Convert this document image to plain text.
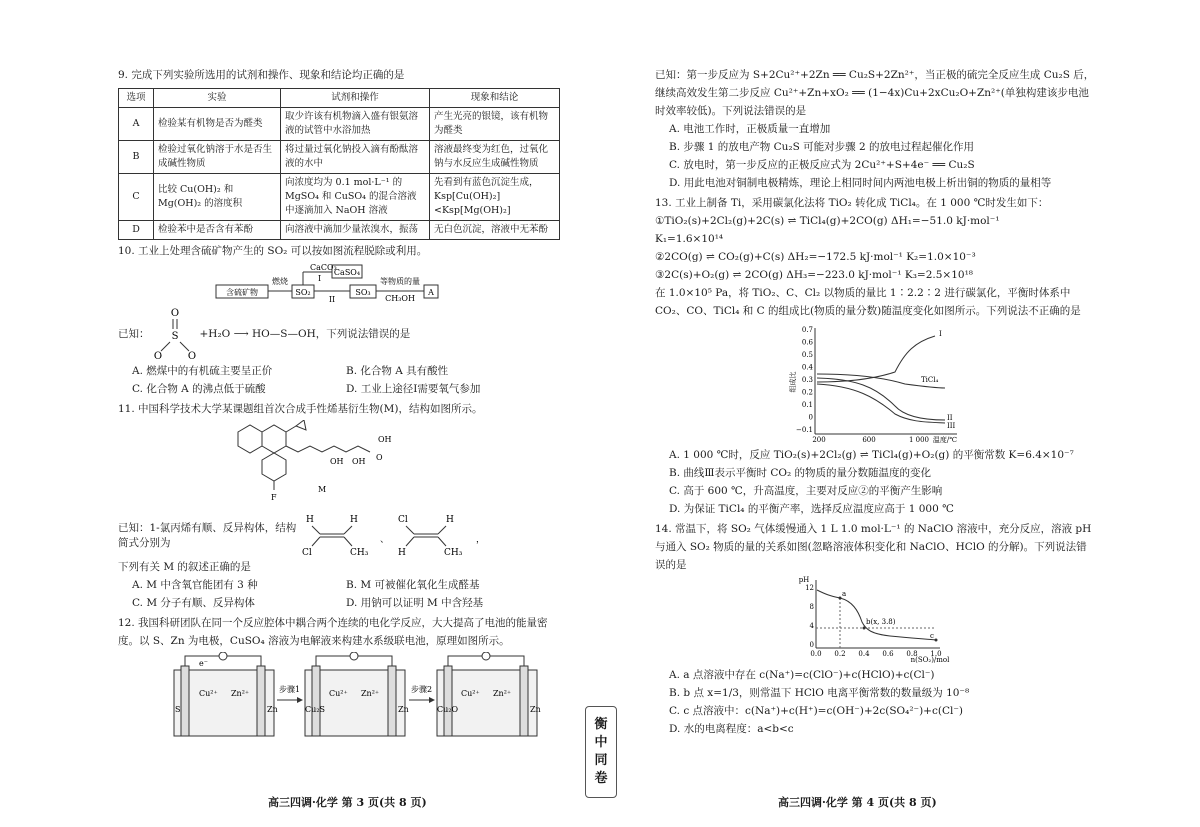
9. 完成下列实验所选用的试剂和操作、现象和结论均正确的是

选项	实验	试剂和操作	现象和结论
A	检验某有机物是否为醛类	取少许该有机物滴入盛有银氨溶液的试管中水浴加热	产生光亮的银镜，该有机物为醛类
B	检验过氧化钠溶于水是否生成碱性物质	将过量过氧化钠投入滴有酚酞溶液的水中	溶液最终变为红色，过氧化钠与水反应生成碱性物质
C	比较 Cu(OH)₂ 和 Mg(OH)₂ 的溶度积	向浓度均为 0.1 mol·L⁻¹ 的 MgSO₄ 和 CuSO₄ 的混合溶液中逐滴加入 NaOH 溶液	先看到有蓝色沉淀生成，Ksp[Cu(OH)₂]<Ksp[Mg(OH)₂]
D	检验苯中是否含有苯酚	向溶液中滴加少量浓溴水，振荡	无白色沉淀，溶液中无苯酚

10. 工业上处理含硫矿物产生的 SO₂ 可以按如图流程脱除或利用。

含硫矿物
燃烧
SO₂
CaCO₃
I
CaSO₄
II
SO₃
等物质的量
CH₃OH
A
已知：
O
S
O	O
+H₂O ⟶ HO—S—OH，下列说法错误的是
A. 燃煤中的有机硫主要呈正价	B. 化合物 A 具有酸性
C. 化合物 A 的沸点低于硫酸	D. 工业上途径Ⅰ需要氧气参加

11. 中国科学技术大学某课题组首次合成手性烯基衍生物(M)，结构如图所示。

OH OH
OH
O
F
M
已知：1-氯丙烯有顺、反异构体，结构简式分别为
H	H
Cl	CH₃
、
Cl	H
H	CH₃
，

下列有关 M 的叙述正确的是

A. M 中含氧官能团有 3 种	B. M 可被催化氧化生成醛基
C. M 分子有顺、反异构体	D. 用钠可以证明 M 中含羟基

12. 我国科研团队在同一个反应腔体中耦合两个连续的电化学反应，大大提高了电池的能量密度。以 S、Zn 为电极，CuSO₄ 溶液为电解液来构建水系级联电池，原理如图所示。

Cu²⁺ Zn²⁺
S	Zn
e⁻
步骤1	Cu²⁺ Zn²⁺
Cu₂S	Zn
步骤2	Cu²⁺ Zn²⁺
Cu₂O	Zn

已知：第一步反应为 S+2Cu²⁺+2Zn ══ Cu₂S+2Zn²⁺，当正极的硫完全反应生成 Cu₂S 后，继续高效发生第二步反应 Cu²⁺+Zn+xO₂ ══ (1−4x)Cu+2xCu₂O+Zn²⁺(单独构建该步电池时效率较低)。下列说法错误的是

A. 电池工作时，正极质量一直增加

B. 步骤 1 的放电产物 Cu₂S 可能对步骤 2 的放电过程起催化作用

C. 放电时，第一步反应的正极反应式为 2Cu²⁺+S+4e⁻ ══ Cu₂S

D. 用此电池对铜制电极精炼，理论上相同时间内两池电极上析出铜的物质的量相等

13. 工业上制备 Ti，采用碳氯化法将 TiO₂ 转化成 TiCl₄。在 1 000 ℃时发生如下：

①TiO₂(s)+2Cl₂(g)+2C(s) ⇌ TiCl₄(g)+2CO(g) ΔH₁=−51.0 kJ·mol⁻¹

K₁=1.6×10¹⁴

②2CO(g) ⇌ CO₂(g)+C(s) ΔH₂=−172.5 kJ·mol⁻¹ K₂=1.0×10⁻³

③2C(s)+O₂(g) ⇌ 2CO(g) ΔH₃=−223.0 kJ·mol⁻¹ K₃=2.5×10¹⁸

在 1.0×10⁵ Pa，将 TiO₂、C、Cl₂ 以物质的量比 1∶2.2∶2 进行碳氯化，平衡时体系中 CO₂、CO、TiCl₄ 和 C 的组成比(物质的量分数)随温度变化如图所示。下列说法不正确的是

0.7
0.6
0.5
0.4
0.3
0.2
0.1
0
−0.1
200	600	1 000
组成比
温度/℃
I
TiCl₄
II
III

A. 1 000 ℃时，反应 TiO₂(s)+2Cl₂(g) ⇌ TiCl₄(g)+O₂(g) 的平衡常数 K=6.4×10⁻⁷

B. 曲线Ⅲ表示平衡时 CO₂ 的物质的量分数随温度的变化

C. 高于 600 ℃，升高温度，主要对反应②的平衡产生影响

D. 为保证 TiCl₄ 的平衡产率，选择反应温度应高于 1 000 ℃

14. 常温下，将 SO₂ 气体缓慢通入 1 L 1.0 mol·L⁻¹ 的 NaClO 溶液中，充分反应，溶液 pH 与通入 SO₂ 物质的量的关系如图(忽略溶液体积变化和 NaClO、HClO 的分解)。下列说法错误的是

12
8
4
0
0.0 0.2 0.4 0.6 0.8 1.0
pH
n(SO₂)/mol
a
b(x, 3.8)
c

A. a 点溶液中存在 c(Na⁺)=c(ClO⁻)+c(HClO)+c(Cl⁻)

B. b 点 x=1/3，则常温下 HClO 电离平衡常数的数量级为 10⁻⁸

C. c 点溶液中：c(Na⁺)+c(H⁺)=c(OH⁻)+2c(SO₄²⁻)+c(Cl⁻)

D. 水的电离程度：a<b<c

衡
中
同
卷
高三四调·化学 第 3 页(共 8 页)	高三四调·化学 第 4 页(共 8 页)
